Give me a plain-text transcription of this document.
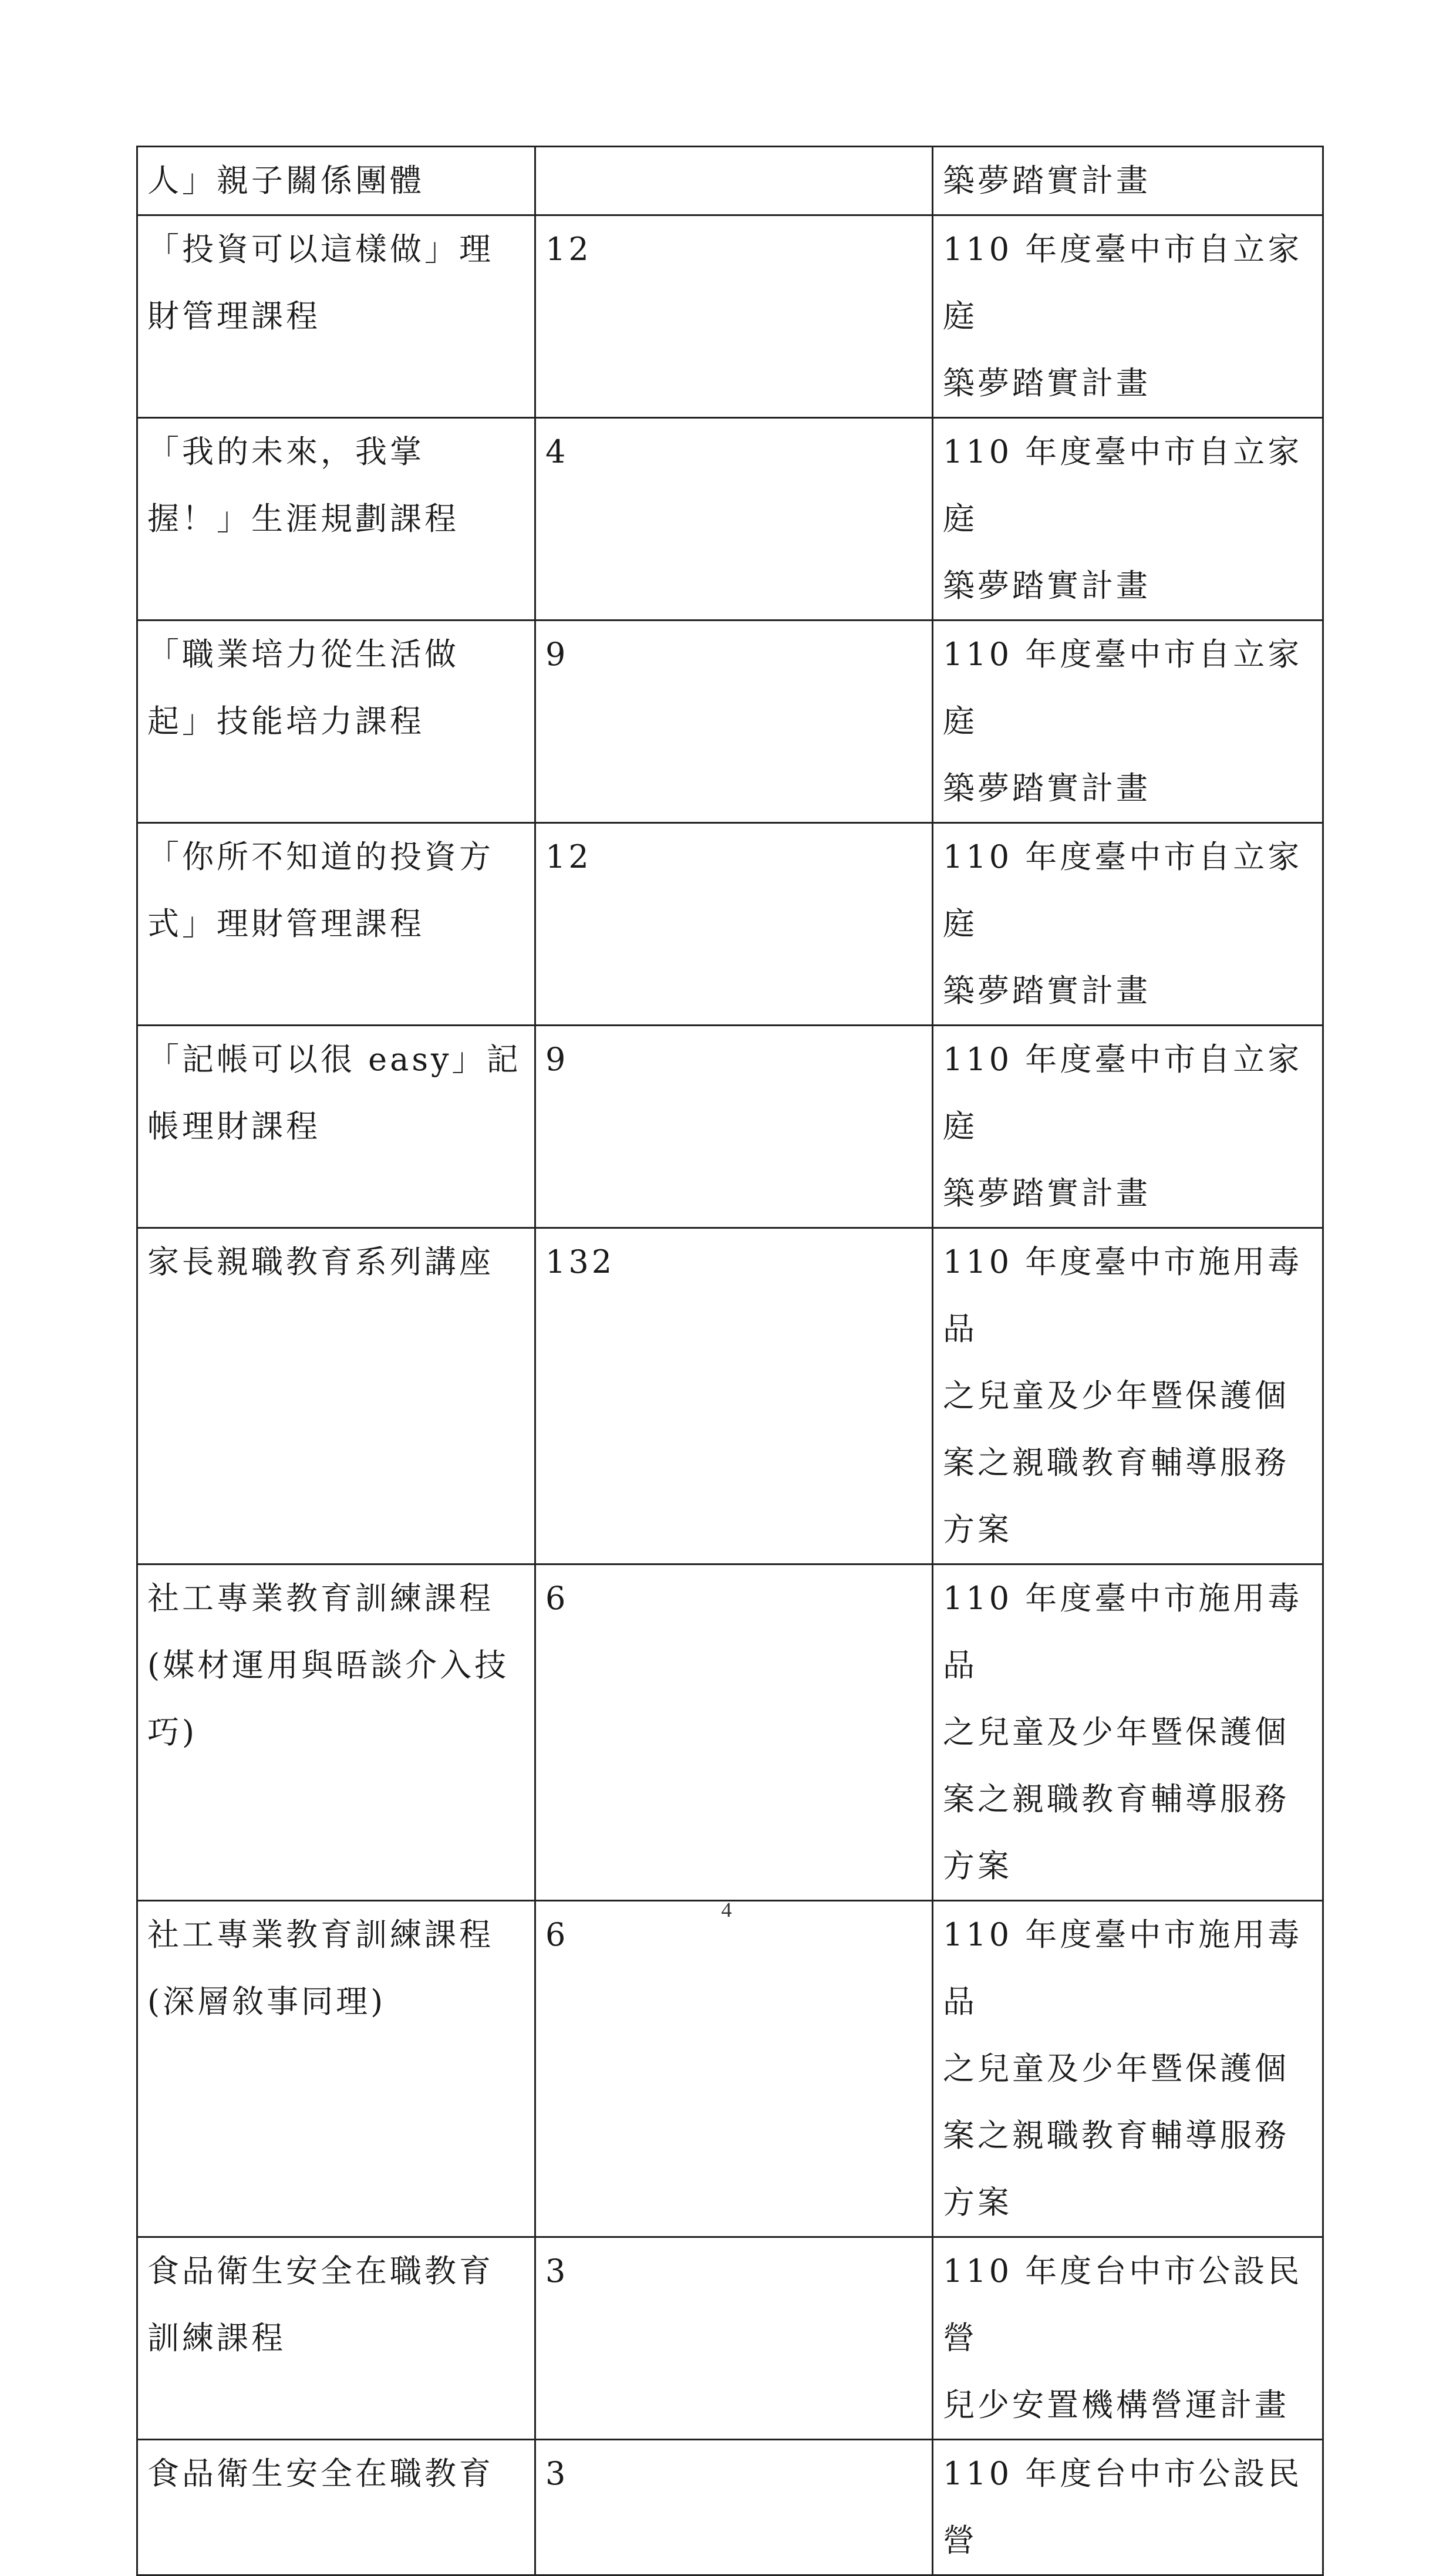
人」親子關係團體		築夢踏實計畫

「投資可以這樣做」理
財管理課程	12	110 年度臺中市自立家庭
築夢踏實計畫

「我的未來，我掌
握！」生涯規劃課程	4	110 年度臺中市自立家庭
築夢踏實計畫

「職業培力從生活做
起」技能培力課程	9	110 年度臺中市自立家庭
築夢踏實計畫

「你所不知道的投資方
式」理財管理課程	12	110 年度臺中市自立家庭
築夢踏實計畫

「記帳可以很 easy」記
帳理財課程	9	110 年度臺中市自立家庭
築夢踏實計畫

家長親職教育系列講座	132	110 年度臺中市施用毒品
之兒童及少年暨保護個
案之親職教育輔導服務
方案

社工專業教育訓練課程
(媒材運用與晤談介入技
巧)	6	110 年度臺中市施用毒品
之兒童及少年暨保護個
案之親職教育輔導服務
方案

社工專業教育訓練課程
(深層敘事同理)	6	110 年度臺中市施用毒品
之兒童及少年暨保護個
案之親職教育輔導服務
方案

食品衛生安全在職教育
訓練課程	3	110 年度台中市公設民營
兒少安置機構營運計畫

食品衛生安全在職教育	3	110 年度台中市公設民營
4
